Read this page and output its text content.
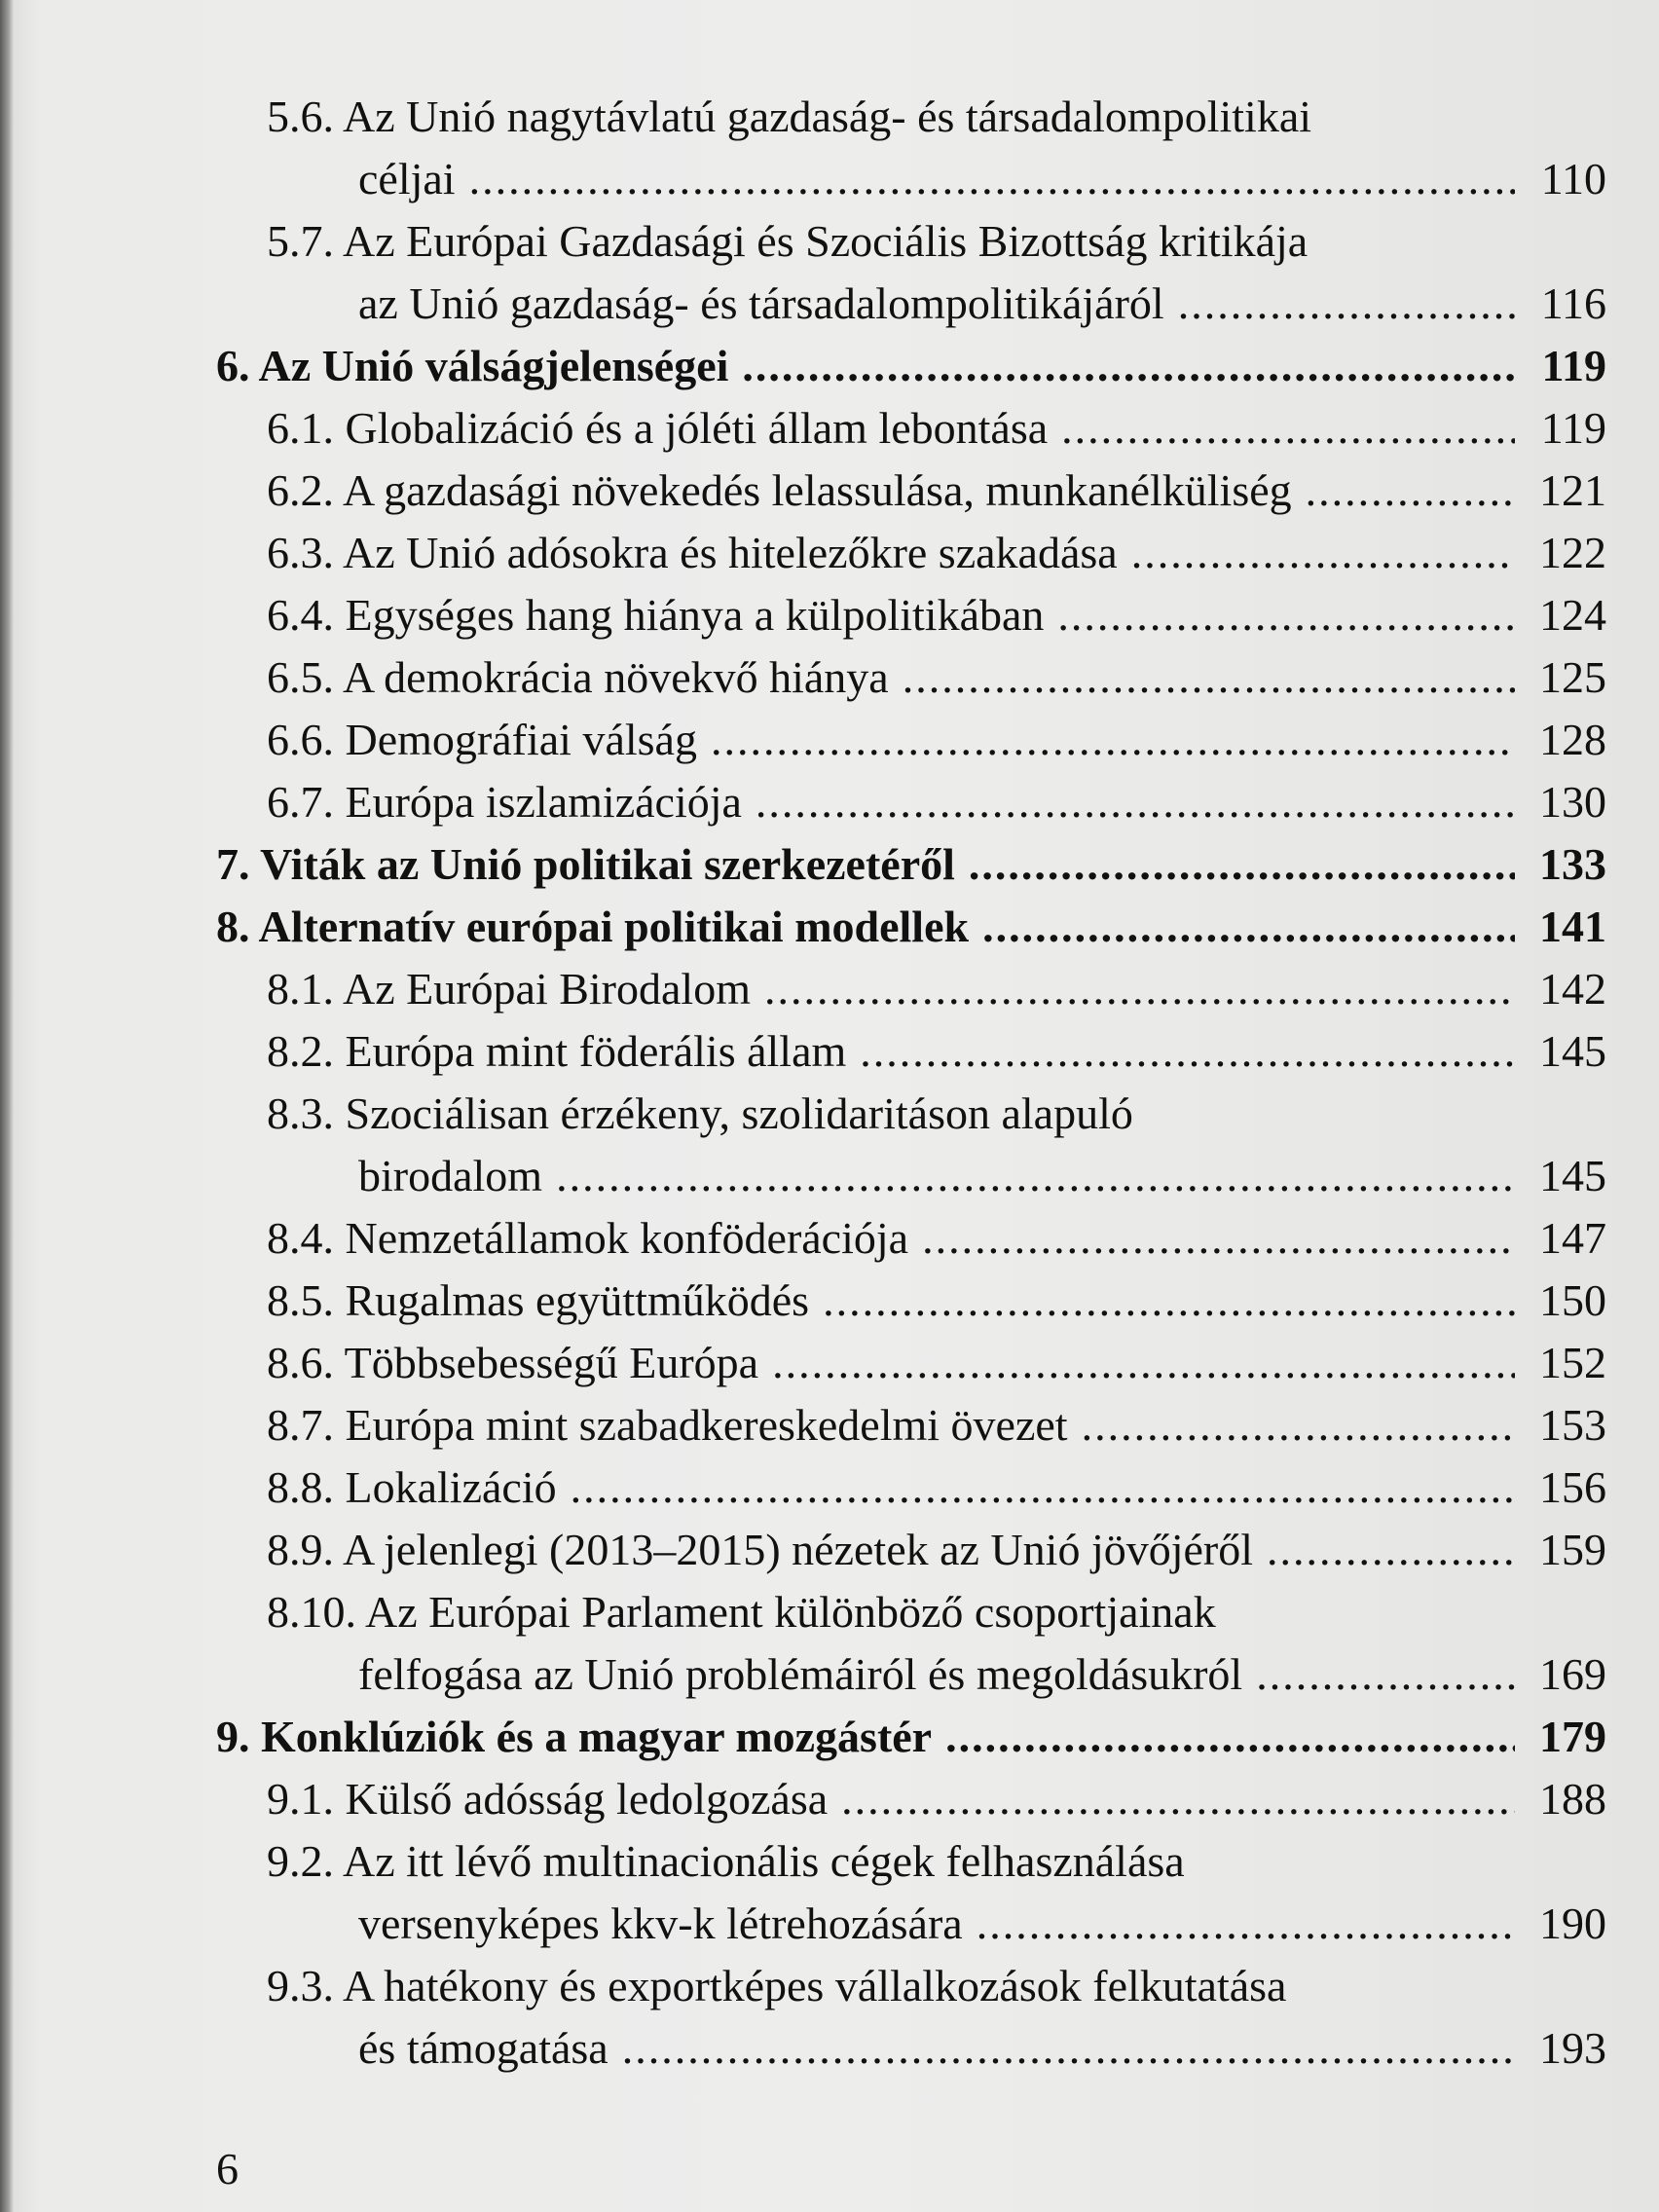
5.6. Az Unió nagytávlatú gazdaság- és társadalompolitikai
céljai .....	110
5.7. Az Európai Gazdasági és Szociális Bizottság kritikája
az Unió gazdaság- és társadalompolitikájáról .....	116
6. Az Unió válságjelenségei .....	119
6.1. Globalizáció és a jóléti állam lebontása .....	119
6.2. A gazdasági növekedés lelassulása, munkanélküliség .....	121
6.3. Az Unió adósokra és hitelezőkre szakadása .....	122
6.4. Egységes hang hiánya a külpolitikában .....	124
6.5. A demokrácia növekvő hiánya .....	125
6.6. Demográfiai válság .....	128
6.7. Európa iszlamizációja .....	130
7. Viták az Unió politikai szerkezetéről .....	133
8. Alternatív európai politikai modellek .....	141
8.1. Az Európai Birodalom .....	142
8.2. Európa mint föderális állam .....	145
8.3. Szociálisan érzékeny, szolidaritáson alapuló
birodalom .....	145
8.4. Nemzetállamok konföderációja .....	147
8.5. Rugalmas együttműködés .....	150
8.6. Többsebességű Európa .....	152
8.7. Európa mint szabadkereskedelmi övezet .....	153
8.8. Lokalizáció .....	156
8.9. A jelenlegi (2013–2015) nézetek az Unió jövőjéről .....	159
8.10. Az Európai Parlament különböző csoportjainak
felfogása az Unió problémáiról és megoldásukról .....	169
9. Konklúziók és a magyar mozgástér .....	179
9.1. Külső adósság ledolgozása .....	188
9.2. Az itt lévő multinacionális cégek felhasználása
versenyképes kkv-k létrehozására .....	190
9.3. A hatékony és exportképes vállalkozások felkutatása
és támogatása .....	193
6
